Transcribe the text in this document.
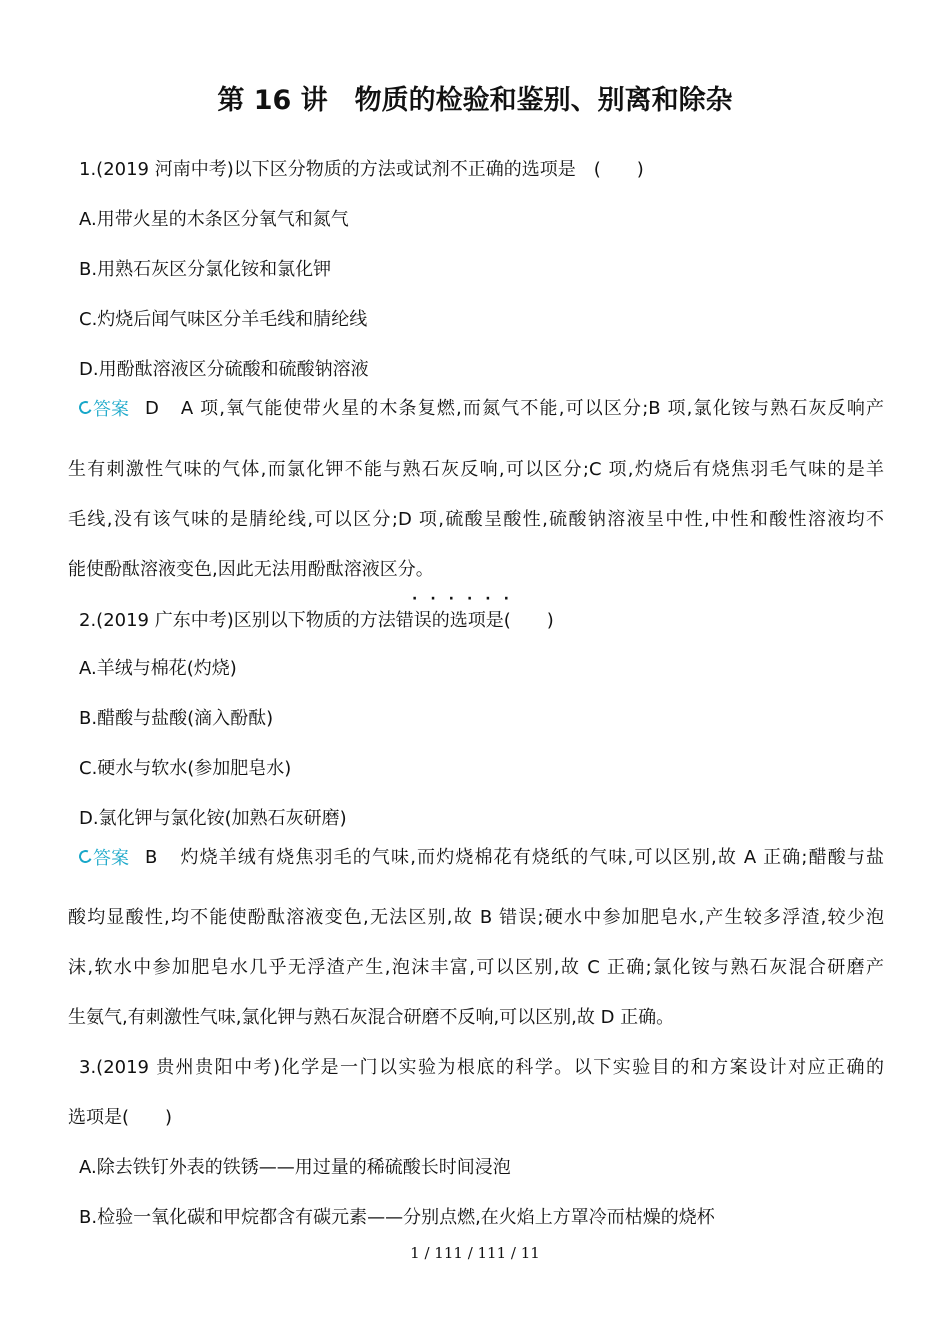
第 16 讲　物质的检验和鉴别、别离和除杂
1.(2019 河南中考)以下区分物质的方法或试剂不正确的选项是　(　　)
A.用带火星的木条区分氧气和氮气
B.用熟石灰区分氯化铵和氯化钾
C.灼烧后闻气味区分羊毛线和腈纶线
D.用酚酞溶液区分硫酸和硫酸钠溶液
答案 D A 项,氧气能使带火星的木条复燃,而氮气不能,可以区分;B 项,氯化铵与熟石灰反响产
生有刺激性气味的气体,而氯化钾不能与熟石灰反响,可以区分;C 项,灼烧后有烧焦羽毛气味的是羊
毛线,没有该气味的是腈纶线,可以区分;D 项,硫酸呈酸性,硫酸钠溶液呈中性,中性和酸性溶液均不
能使酚酞溶液变色,因此无法用酚酞溶液区分。
······
2.(2019 广东中考)区别以下物质的方法错误的选项是(　　)
A.羊绒与棉花(灼烧)
B.醋酸与盐酸(滴入酚酞)
C.硬水与软水(参加肥皂水)
D.氯化钾与氯化铵(加熟石灰研磨)
答案 B 灼烧羊绒有烧焦羽毛的气味,而灼烧棉花有烧纸的气味,可以区别,故 A 正确;醋酸与盐
酸均显酸性,均不能使酚酞溶液变色,无法区别,故 B 错误;硬水中参加肥皂水,产生较多浮渣,较少泡
沫,软水中参加肥皂水几乎无浮渣产生,泡沫丰富,可以区别,故 C 正确;氯化铵与熟石灰混合研磨产
生氨气,有刺激性气味,氯化钾与熟石灰混合研磨不反响,可以区别,故 D 正确。
3.(2019 贵州贵阳中考)化学是一门以实验为根底的科学。以下实验目的和方案设计对应正确的
选项是(　　)
A.除去铁钉外表的铁锈——用过量的稀硫酸长时间浸泡
B.检验一氧化碳和甲烷都含有碳元素——分别点燃,在火焰上方罩冷而枯燥的烧杯
1 / 111 / 111 / 11
